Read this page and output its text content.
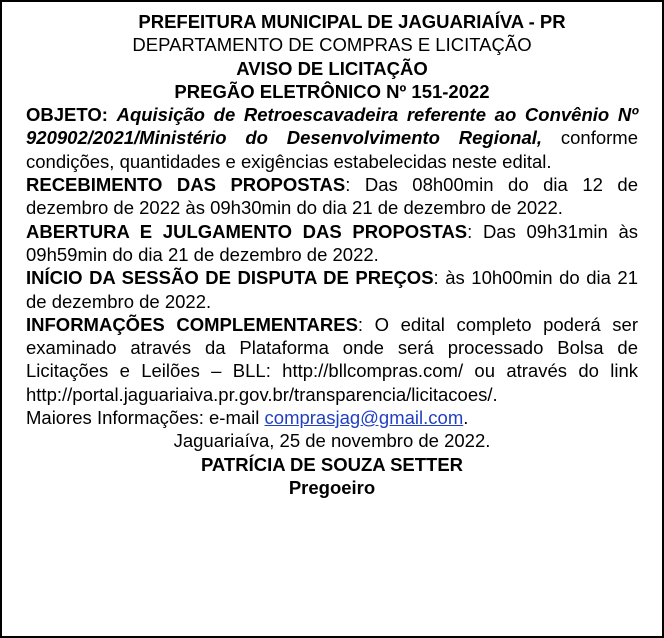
PREFEITURA MUNICIPAL DE JAGUARIAÍVA - PR
DEPARTAMENTO DE COMPRAS E LICITAÇÃO
AVISO DE LICITAÇÃO
PREGÃO ELETRÔNICO Nº 151-2022

OBJETO: Aquisição de Retroescavadeira referente ao Convênio Nº 920902/2021/Ministério do Desenvolvimento Regional, conforme condições, quantidades e exigências estabelecidas neste edital.

RECEBIMENTO DAS PROPOSTAS: Das 08h00min do dia 12 de dezembro de 2022 às 09h30min do dia 21 de dezembro de 2022.

ABERTURA E JULGAMENTO DAS PROPOSTAS: Das 09h31min às 09h59min do dia 21 de dezembro de 2022.

INÍCIO DA SESSÃO DE DISPUTA DE PREÇOS: às 10h00min do dia 21 de dezembro de 2022.

INFORMAÇÕES COMPLEMENTARES: O edital completo poderá ser examinado através da Plataforma onde será processado Bolsa de Licitações e Leilões – BLL: http://bllcompras.com/ ou através do link

http://portal.jaguariaiva.pr.gov.br/transparencia/licitacoes/.

Maiores Informações: e-mail comprasjag@gmail.com.

Jaguariaíva, 25 de novembro de 2022.
PATRÍCIA DE SOUZA SETTER
Pregoeiro
